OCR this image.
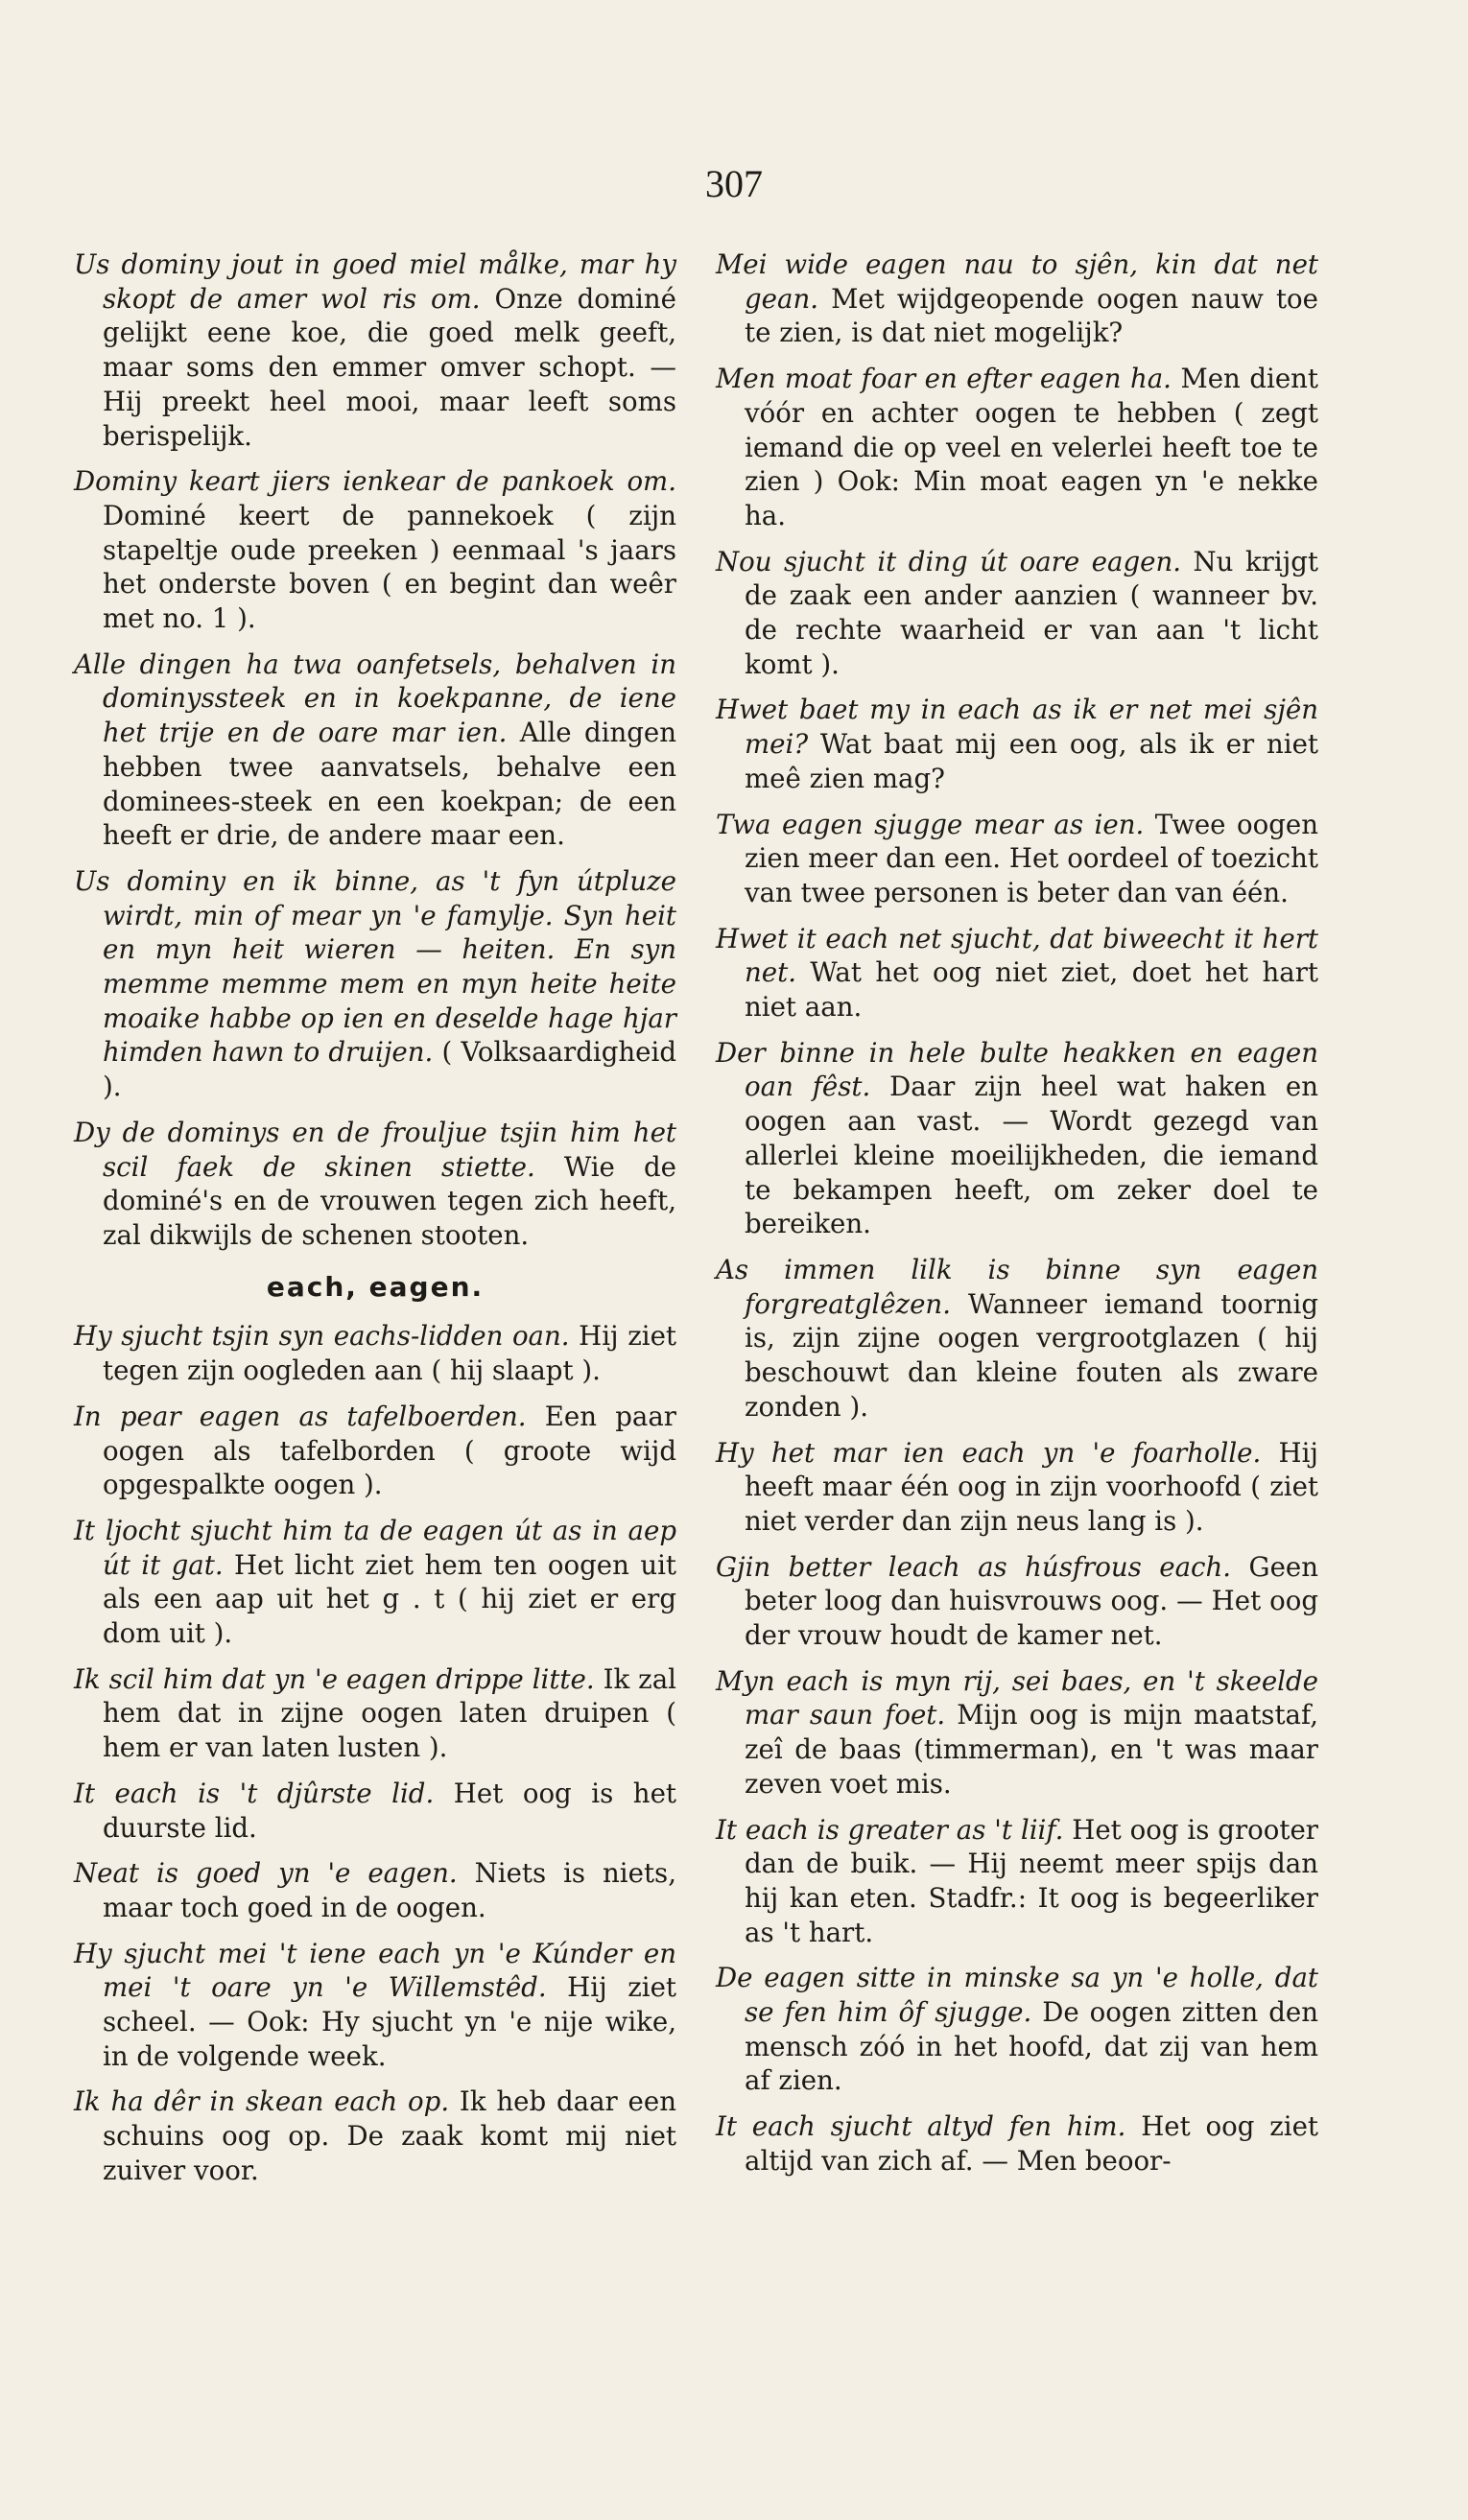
307

Us dominy jout in goed miel målke, mar hy skopt de amer wol ris om. Onze dominé gelijkt eene koe, die goed melk geeft, maar soms den emmer omver schopt. — Hij preekt heel mooi, maar leeft soms berispelijk.

Dominy keart jiers ienkear de pankoek om. Dominé keert de pannekoek ( zijn stapeltje oude preeken ) eenmaal 's jaars het onderste boven ( en begint dan weêr met no. 1 ).

Alle dingen ha twa oanfetsels, behalven in dominyssteek en in koekpanne, de iene het trije en de oare mar ien. Alle dingen hebben twee aanvatsels, behalve een dominees-steek en een koekpan; de een heeft er drie, de andere maar een.

Us dominy en ik binne, as 't fyn útpluze wirdt, min of mear yn 'e famylje. Syn heit en myn heit wieren — heiten. En syn memme memme mem en myn heite heite moaike habbe op ien en deselde hage hjar himden hawn to druijen. ( Volksaardigheid ).

Dy de dominys en de frouljue tsjin him het scil faek de skinen stiette. Wie de dominé's en de vrouwen tegen zich heeft, zal dikwijls de schenen stooten.

each, eagen.

Hy sjucht tsjin syn eachs-lidden oan. Hij ziet tegen zijn oogleden aan ( hij slaapt ).

In pear eagen as tafelboerden. Een paar oogen als tafelborden ( groote wijd opgespalkte oogen ).

It ljocht sjucht him ta de eagen út as in aep út it gat. Het licht ziet hem ten oogen uit als een aap uit het g . t ( hij ziet er erg dom uit ).

Ik scil him dat yn 'e eagen drippe litte. Ik zal hem dat in zijne oogen laten druipen ( hem er van laten lusten ).

It each is 't djûrste lid. Het oog is het duurste lid.

Neat is goed yn 'e eagen. Niets is niets, maar toch goed in de oogen.

Hy sjucht mei 't iene each yn 'e Kúnder en mei 't oare yn 'e Willemstêd. Hij ziet scheel. — Ook: Hy sjucht yn 'e nije wike, in de volgende week.

Ik ha dêr in skean each op. Ik heb daar een schuins oog op. De zaak komt mij niet zuiver voor.

Mei wide eagen nau to sjên, kin dat net gean. Met wijdgeopende oogen nauw toe te zien, is dat niet mogelijk?

Men moat foar en efter eagen ha. Men dient vóór en achter oogen te hebben ( zegt iemand die op veel en velerlei heeft toe te zien ) Ook: Min moat eagen yn 'e nekke ha.

Nou sjucht it ding út oare eagen. Nu krijgt de zaak een ander aanzien ( wanneer bv. de rechte waarheid er van aan 't licht komt ).

Hwet baet my in each as ik er net mei sjên mei? Wat baat mij een oog, als ik er niet meê zien mag?

Twa eagen sjugge mear as ien. Twee oogen zien meer dan een. Het oordeel of toezicht van twee personen is beter dan van één.

Hwet it each net sjucht, dat biweecht it hert net. Wat het oog niet ziet, doet het hart niet aan.

Der binne in hele bulte heakken en eagen oan fêst. Daar zijn heel wat haken en oogen aan vast. — Wordt gezegd van allerlei kleine moeilijkheden, die iemand te bekampen heeft, om zeker doel te bereiken.

As immen lilk is binne syn eagen forgreatglêzen. Wanneer iemand toornig is, zijn zijne oogen vergrootglazen ( hij beschouwt dan kleine fouten als zware zonden ).

Hy het mar ien each yn 'e foarholle. Hij heeft maar één oog in zijn voorhoofd ( ziet niet verder dan zijn neus lang is ).

Gjin better leach as húsfrous each. Geen beter loog dan huisvrouws oog. — Het oog der vrouw houdt de kamer net.

Myn each is myn rij, sei baes, en 't skeelde mar saun foet. Mijn oog is mijn maatstaf, zeî de baas (timmerman), en 't was maar zeven voet mis.

It each is greater as 't liif. Het oog is grooter dan de buik. — Hij neemt meer spijs dan hij kan eten. Stadfr.: It oog is begeerliker as 't hart.

De eagen sitte in minske sa yn 'e holle, dat se fen him ôf sjugge. De oogen zitten den mensch zóó in het hoofd, dat zij van hem af zien.

It each sjucht altyd fen him. Het oog ziet altijd van zich af. — Men beoor-
